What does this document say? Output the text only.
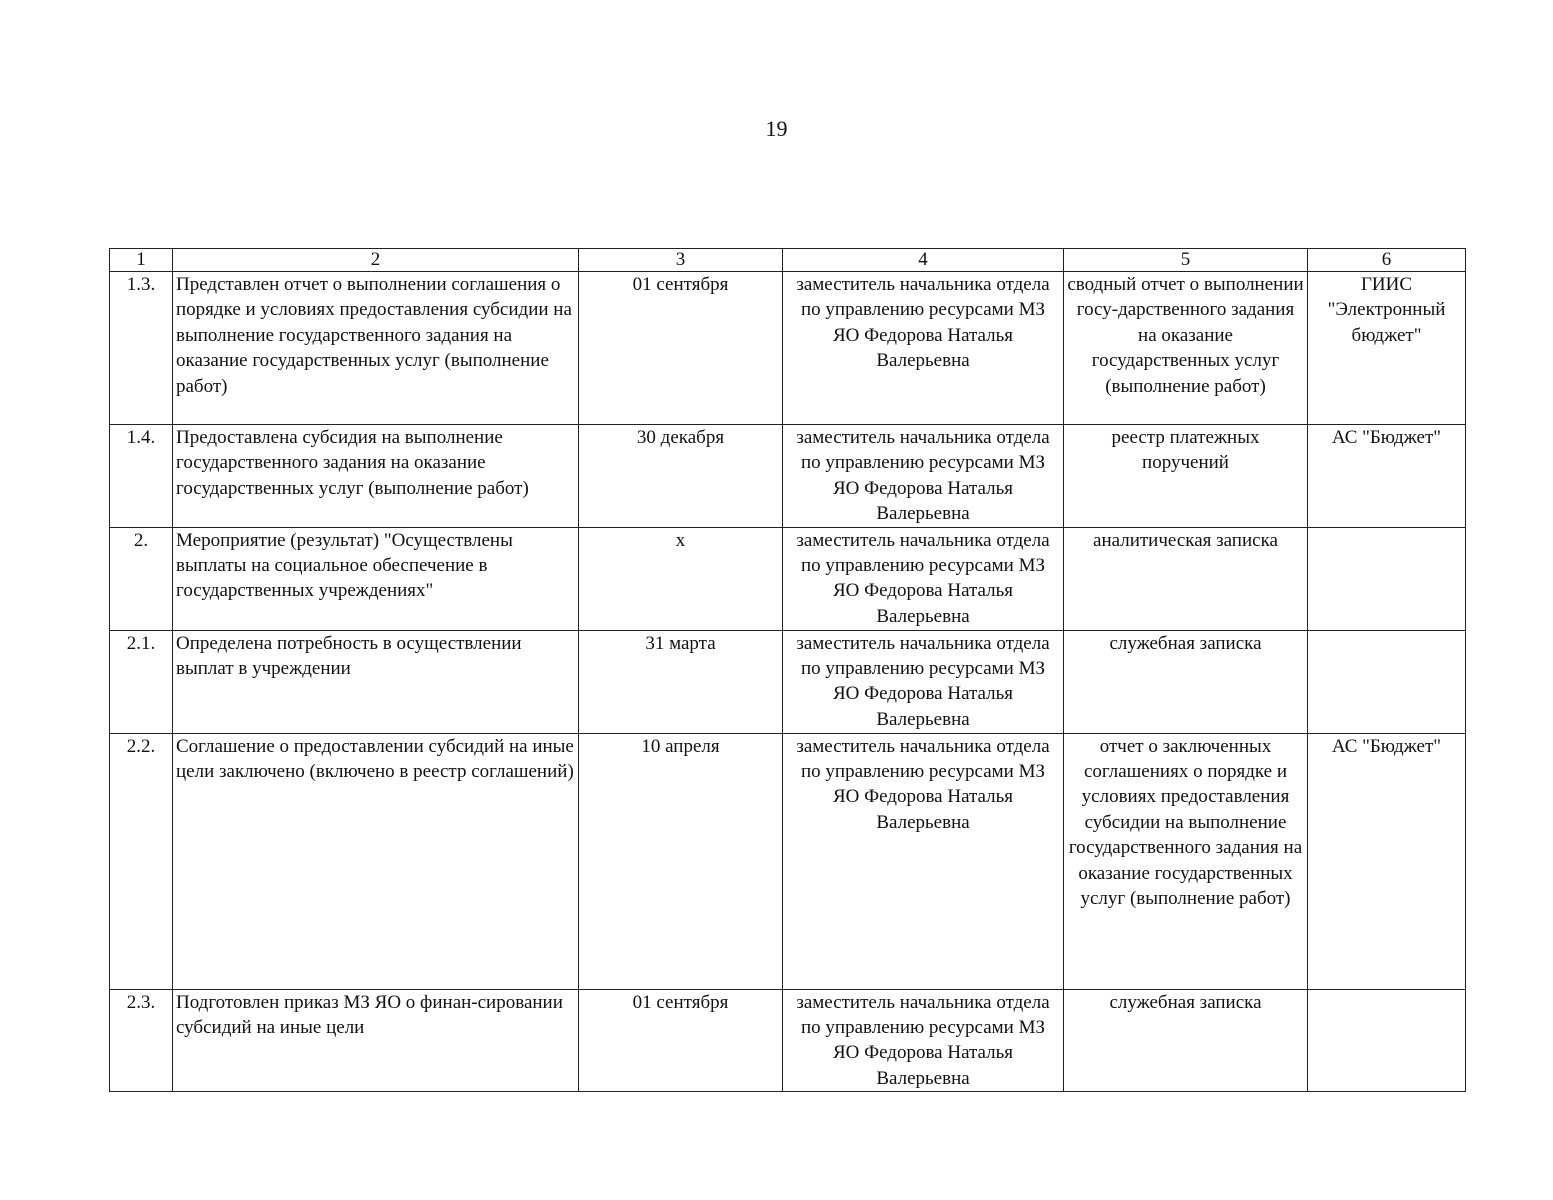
19
1	2	3	4	5	6
1.3.	Представлен отчет о выполнении соглашения о порядке и условиях предоставления субсидии на выполнение государственного задания на оказание государственных услуг (выполнение работ)	01 сентября	заместитель начальника отдела по управлению ресурсами МЗ ЯО Федорова Наталья Валерьевна	сводный отчет о выполнении госу-дарственного задания на оказание государственных услуг (выполнение работ)	ГИИС "Электронный бюджет"
1.4.	Предоставлена субсидия на выполнение государственного задания на оказание государственных услуг (выполнение работ)	30 декабря	заместитель начальника отдела по управлению ресурсами МЗ ЯО Федорова Наталья Валерьевна	реестр платежных поручений	АС "Бюджет"
2.	Мероприятие (результат) "Осуществлены выплаты на социальное обеспечение в государственных учреждениях"	х	заместитель начальника отдела по управлению ресурсами МЗ ЯО Федорова Наталья Валерьевна	аналитическая записка	
2.1.	Определена потребность в осуществлении выплат в учреждении	31 марта	заместитель начальника отдела по управлению ресурсами МЗ ЯО Федорова Наталья Валерьевна	служебная записка	
2.2.	Соглашение о предоставлении субсидий на иные цели заключено (включено в реестр соглашений)	10 апреля	заместитель начальника отдела по управлению ресурсами МЗ ЯО Федорова Наталья Валерьевна	отчет о заключенных соглашениях о порядке и условиях предоставления субсидии на выполнение государственного задания на оказание государственных услуг (выполнение работ)	АС "Бюджет"
2.3.	Подготовлен приказ МЗ ЯО о финан-сировании субсидий на иные цели	01 сентября	заместитель начальника отдела по управлению ресурсами МЗ ЯО Федорова Наталья Валерьевна	служебная записка	
